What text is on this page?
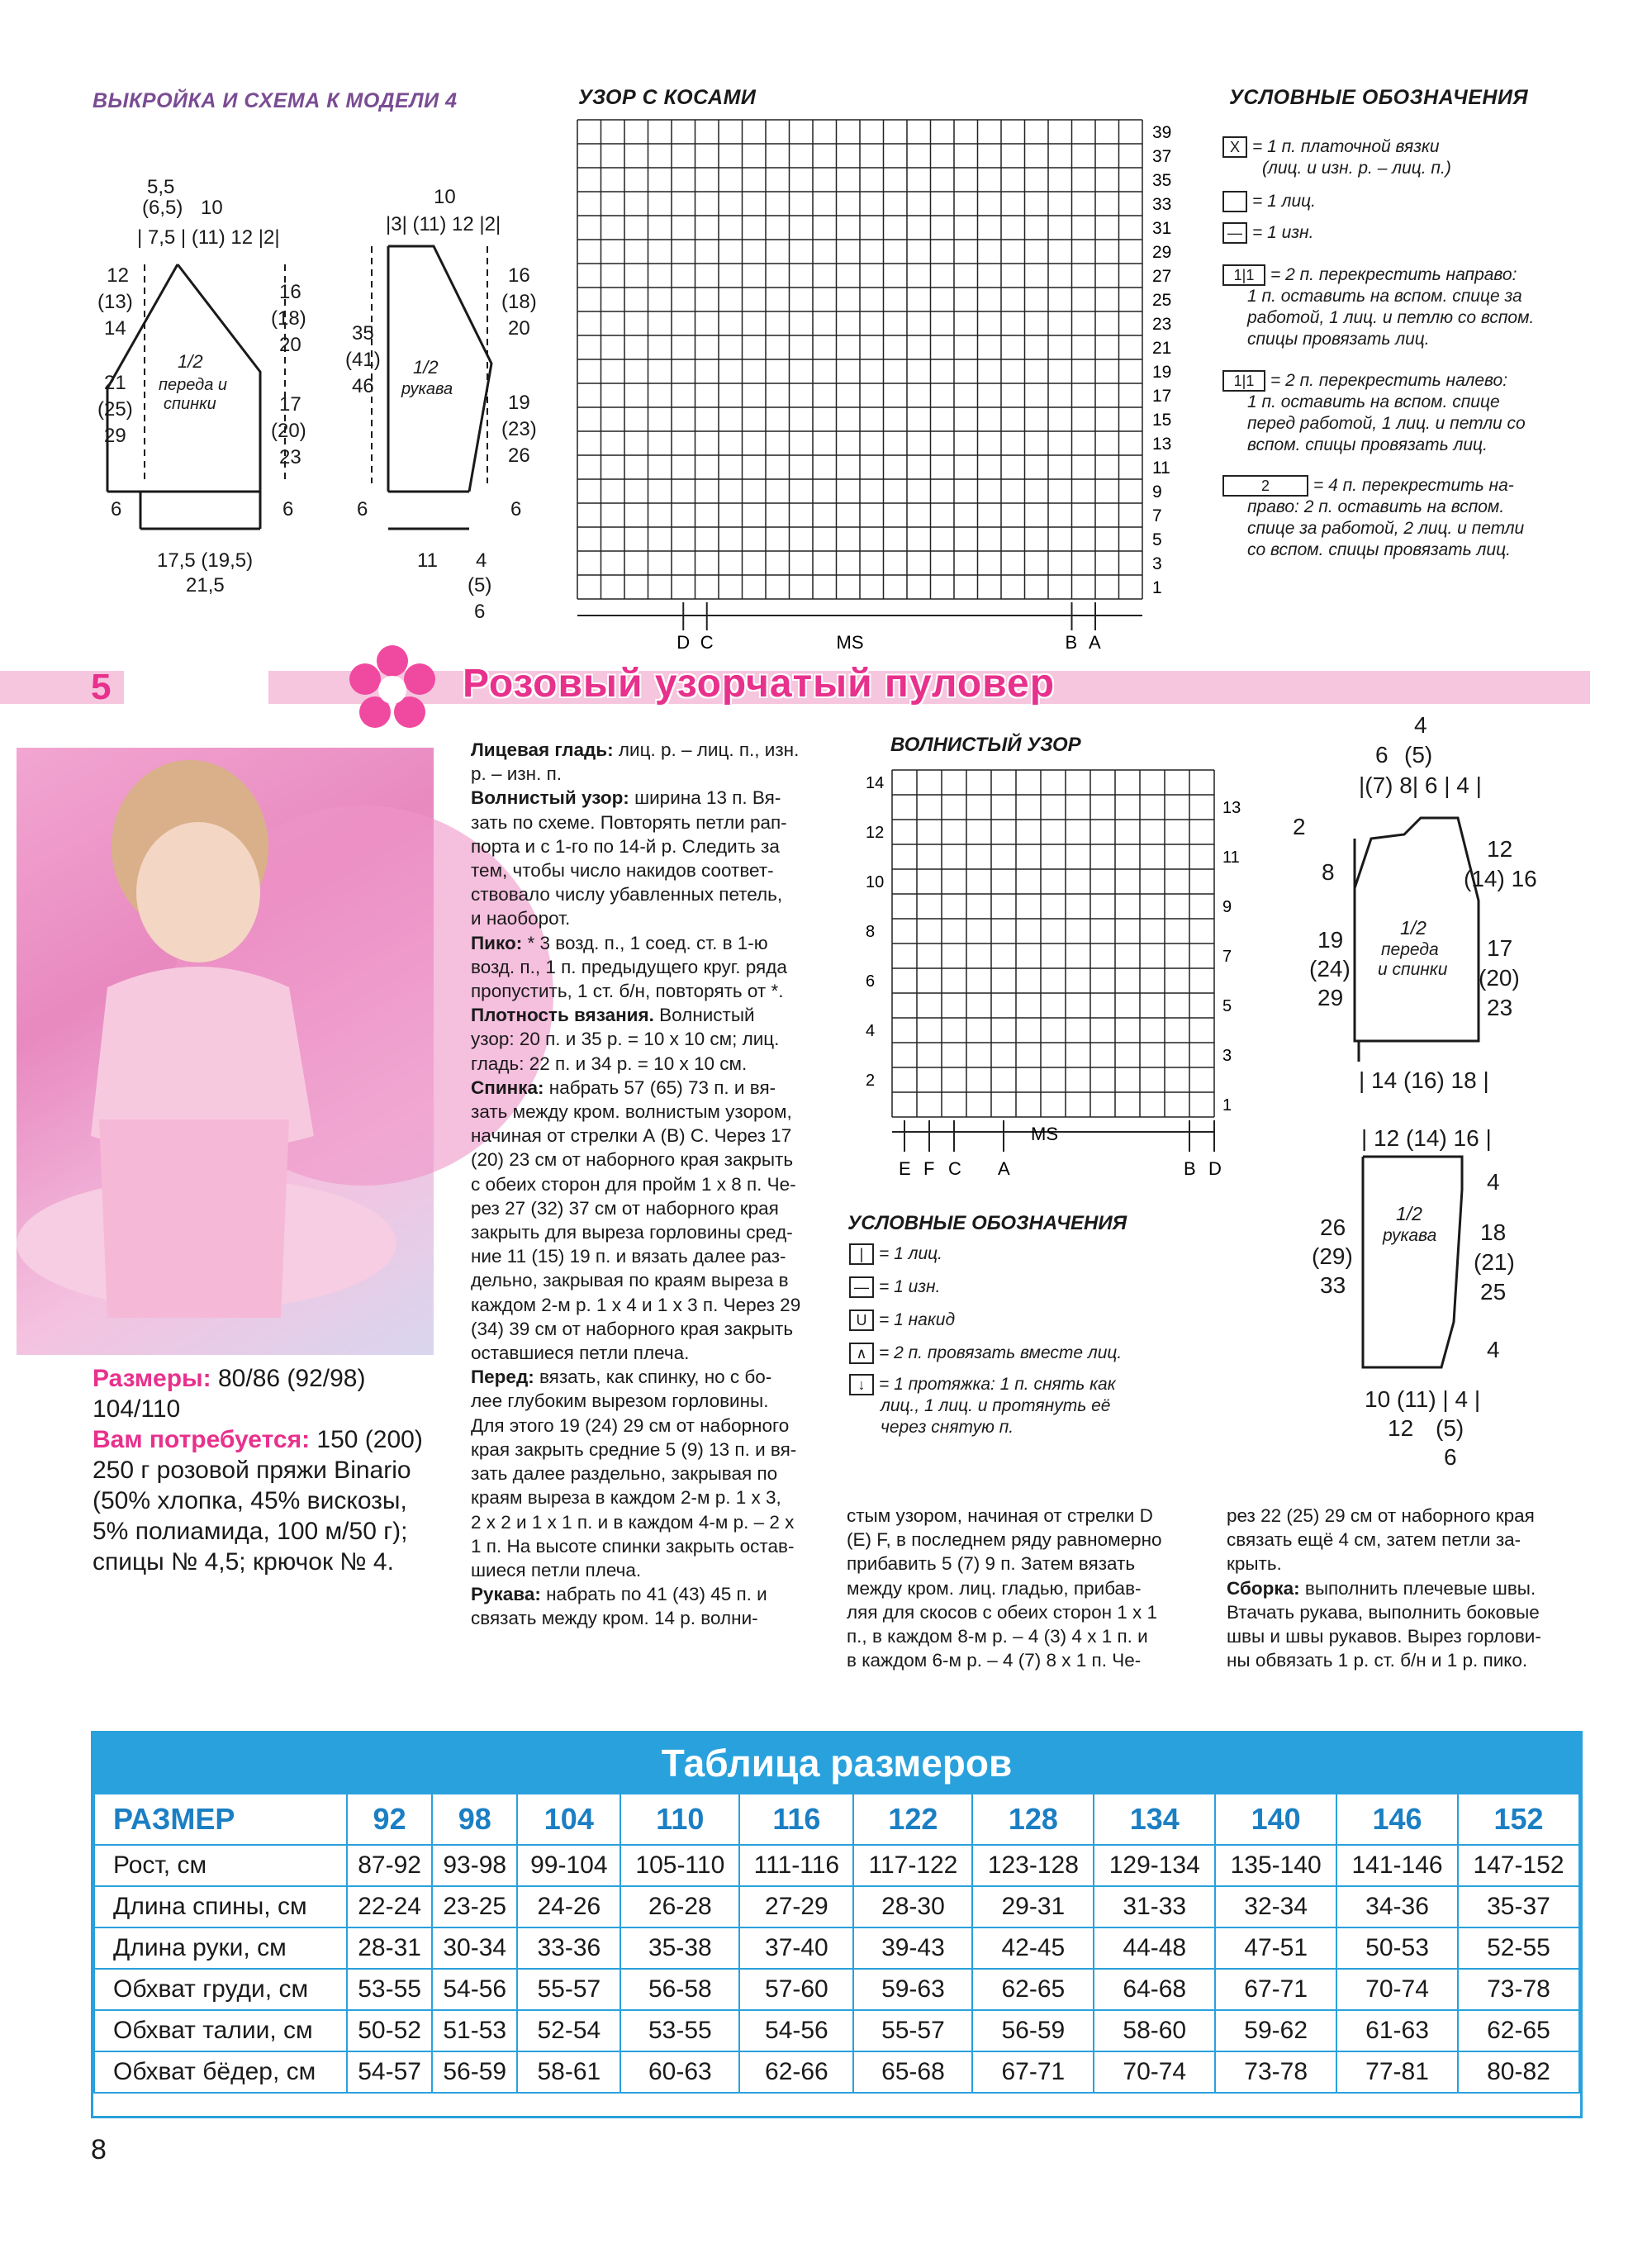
ВЫКРОЙКА И СХЕМА К МОДЕЛИ 4	УЗОР С КОСАМИ	УСЛОВНЫЕ ОБОЗНАЧЕНИЯ
5,5
(6,5) 10
| 7,5 | (11) 12 |2|
12
(13)
14
21
(25)
29
16
(18)
20
17
(20)
23
1/2
переда и
спинки
6	6
17,5 (19,5)
21,5
10
|3| (11) 12 |2|
35
(41)
46
16
(18)
20
19
(23)
26
1/2
рукава
6	6
11 4
(5)
6
39
37
35
33
31
29
27
25
23
21
19
17
15
13
11
9
7
5
3
1
D C	MS	B A
X = 1 п. платочной вязки
(лиц. и изн. р. – лиц. п.)
= 1 лиц.
— = 1 изн.
1|1 = 2 п. перекрестить направо:
1 п. оставить на вспом. спице за
работой, 1 лиц. и петлю со вспом.
спицы провязать лиц.
1|1 = 2 п. перекрестить налево:
1 п. оставить на вспом. спице
перед работой, 1 лиц. и петли со
вспом. спицы провязать лиц.
2	= 4 п. перекрестить на-
право: 2 п. оставить на вспом.
спице за работой, 2 лиц. и петли
со вспом. спицы провязать лиц.
5	Розовый узорчатый пуловер
Размеры: 80/86 (92/98)
104/110
Вам потребуется: 150 (200)
250 г розовой пряжи Binario
(50% хлопка, 45% вискозы,
5% полиамида, 100 м/50 г);
спицы № 4,5; крючок № 4.
Лицевая гладь: лиц. р. – лиц. п., изн.
р. – изн. п.
Волнистый узор: ширина 13 п. Вя-
зать по схеме. Повторять петли рап-
порта и с 1-го по 14-й р. Следить за
тем, чтобы число накидов соответ-
ствовало числу убавленных петель,
и наоборот.
Пико: * 3 возд. п., 1 соед. ст. в 1-ю
возд. п., 1 п. предыдущего круг. ряда
пропустить, 1 ст. б/н, повторять от *.
Плотность вязания. Волнистый
узор: 20 п. и 35 р. = 10 x 10 см; лиц.
гладь: 22 п. и 34 р. = 10 x 10 см.
Спинка: набрать 57 (65) 73 п. и вя-
зать между кром. волнистым узором,
начиная от стрелки А (В) С. Через 17
(20) 23 см от наборного края закрыть
с обеих сторон для пройм 1 x 8 п. Че-
рез 27 (32) 37 см от наборного края
закрыть для выреза горловины сред-
ние 11 (15) 19 п. и вязать далее раз-
дельно, закрывая по краям выреза в
каждом 2-м р. 1 x 4 и 1 x 3 п. Через 29
(34) 39 см от наборного края закрыть
оставшиеся петли плеча.
Перед: вязать, как спинку, но с бо-
лее глубоким вырезом горловины.
Для этого 19 (24) 29 см от наборного
края закрыть средние 5 (9) 13 п. и вя-
зать далее раздельно, закрывая по
краям выреза в каждом 2-м р. 1 x 3,
2 x 2 и 1 x 1 п. и в каждом 4-м р. – 2 x
1 п. На высоте спинки закрыть остав-
шиеся петли плеча.
Рукава: набрать по 41 (43) 45 п. и
связать между кром. 14 р. волни-
ВОЛНИСТЫЙ УЗОР
14
12
10
8
6
4
2
13
11
9
7
5
3
1
E F C A	B D
MS
УСЛОВНЫЕ ОБОЗНАЧЕНИЯ
| = 1 лиц.
— = 1 изн.
U = 1 накид
∧ = 2 п. провязать вместе лиц.
↓ = 1 протяжка: 1 п. снять как
лиц., 1 лиц. и протянуть её
через снятую п.
4
6 (5)
|(7) 8| 6 | 4 |
2
8
19
(24)
29
12
(14) 16
17
(20)
23
1/2
переда
и спинки
| 14 (16) 18 |
| 12 (14) 16 |
26
(29)
33
4
18
(21)
25
4
1/2
рукава
10 (11) | 4 |
12 (5)
6
стым узором, начиная от стрелки D
(E) F, в последнем ряду равномерно
прибавить 5 (7) 9 п. Затем вязать
между кром. лиц. гладью, прибав-
ляя для скосов с обеих сторон 1 x 1
п., в каждом 8-м р. – 4 (3) 4 x 1 п. и
в каждом 6-м р. – 4 (7) 8 x 1 п. Че-
рез 22 (25) 29 см от наборного края
связать ещё 4 см, затем петли за-
крыть.
Сборка: выполнить плечевые швы.
Втачать рукава, выполнить боковые
швы и швы рукавов. Вырез горлови-
ны обвязать 1 р. ст. б/н и 1 р. пико.
Таблица размеров
РАЗМЕР	92	98	104	110	116	122	128	134	140	146	152
Рост, см	87-92	93-98	99-104	105-110	111-116	117-122	123-128	129-134	135-140	141-146	147-152
Длина спины, см	22-24	23-25	24-26	26-28	27-29	28-30	29-31	31-33	32-34	34-36	35-37
Длина руки, см	28-31	30-34	33-36	35-38	37-40	39-43	42-45	44-48	47-51	50-53	52-55
Обхват груди, см	53-55	54-56	55-57	56-58	57-60	59-63	62-65	64-68	67-71	70-74	73-78
Обхват талии, см	50-52	51-53	52-54	53-55	54-56	55-57	56-59	58-60	59-62	61-63	62-65
Обхват бёдер, см	54-57	56-59	58-61	60-63	62-66	65-68	67-71	70-74	73-78	77-81	80-82
8
